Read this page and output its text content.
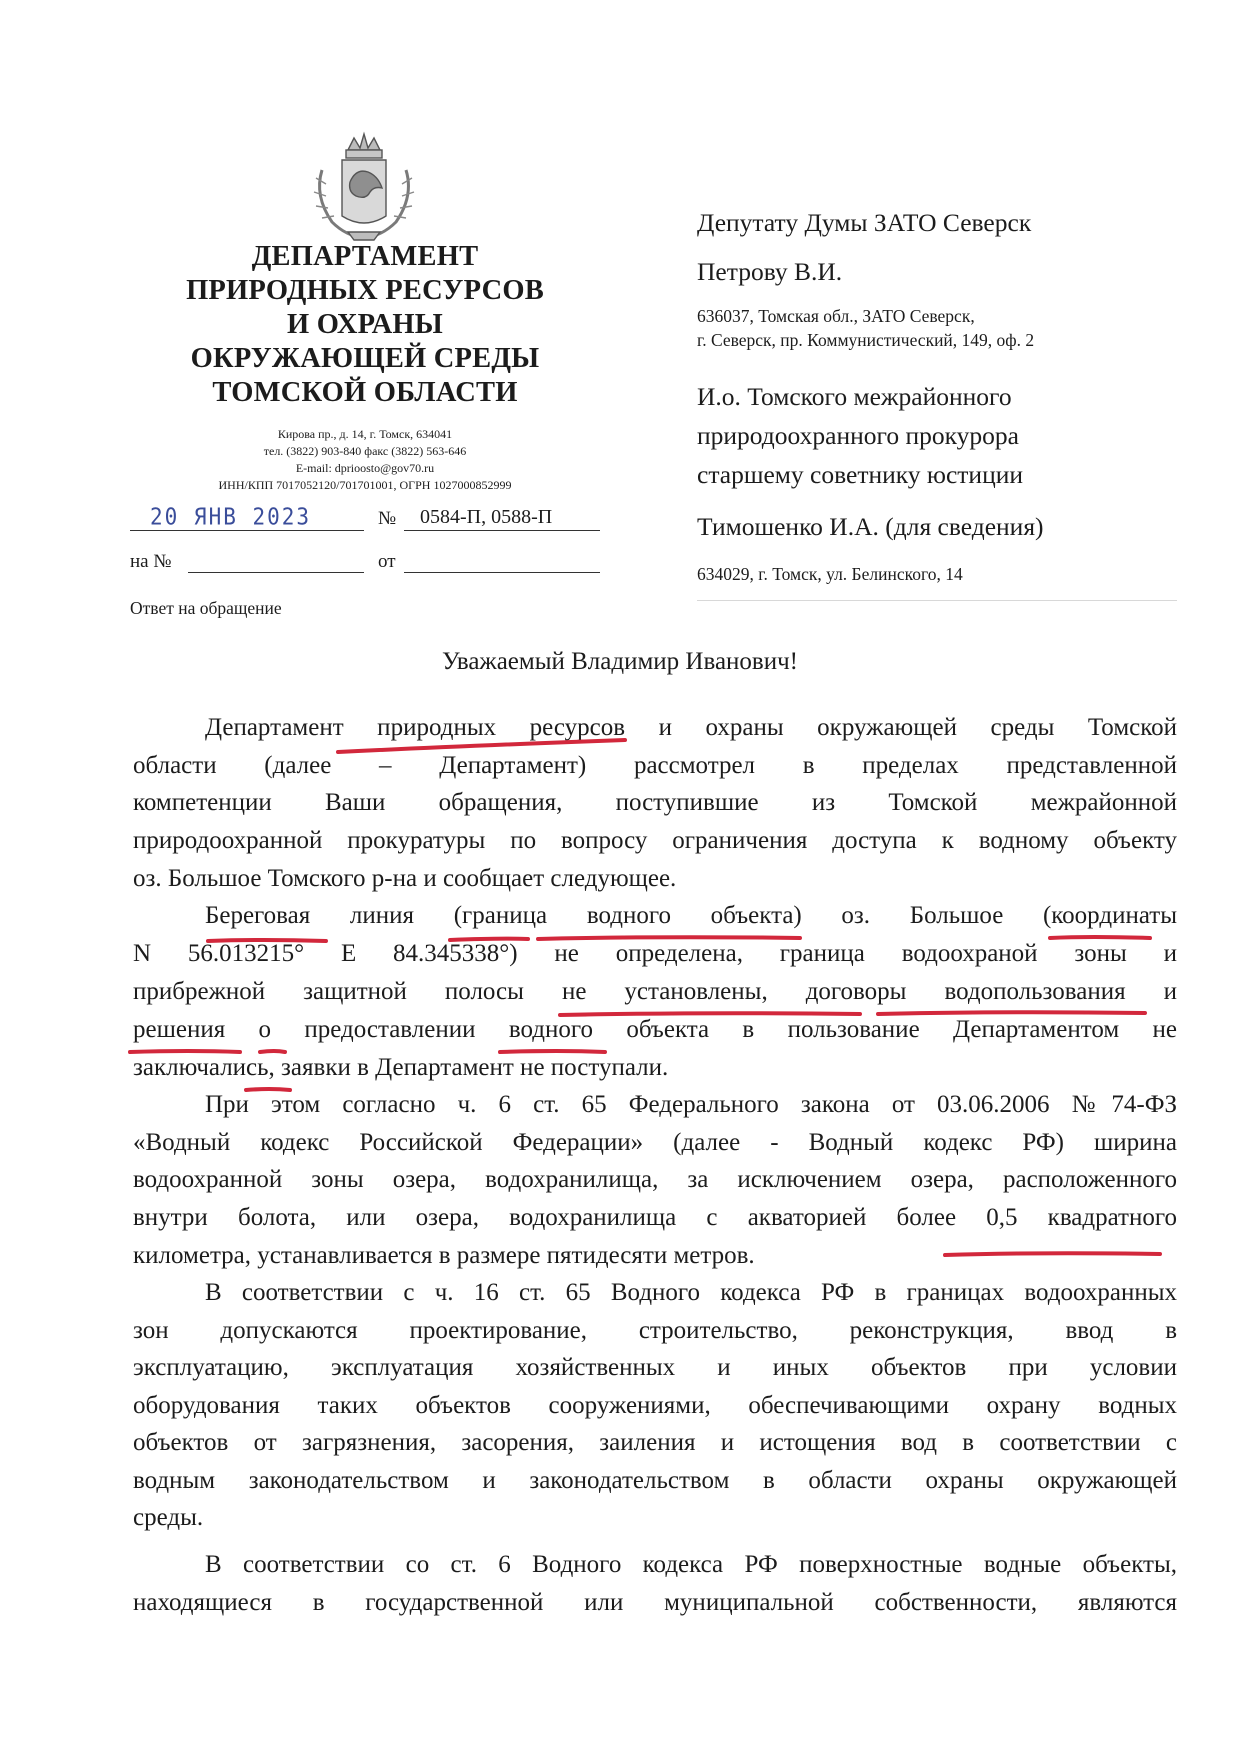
ДЕПАРТАМЕНТ
ПРИРОДНЫХ РЕСУРСОВ
И ОХРАНЫ
ОКРУЖАЮЩЕЙ СРЕДЫ
ТОМСКОЙ ОБЛАСТИ
Кирова пр., д. 14, г. Томск, 634041
тел. (3822) 903-840 факс (3822) 563-646
E-mail: dprioosto@gov70.ru
ИНН/КПП 7017052120/701701001, ОГРН 1027000852999
20 ЯНВ 2023	№ 0584-П, 0588-П
на №	от
Ответ на обращение
Депутату Думы ЗАТО Северск
Петрову В.И.
636037, Томская обл., ЗАТО Северск,
г. Северск, пр. Коммунистический, 149, оф. 2
И.о. Томского межрайонного
природоохранного прокурора
старшему советнику юстиции
Тимошенко И.А. (для сведения)
634029, г. Томск, ул. Белинского, 14
Уважаемый Владимир Иванович!
Департамент природных ресурсов и охраны окружающей среды Томской
области (далее – Департамент) рассмотрел в пределах представленной
компетенции Ваши обращения, поступившие из Томской межрайонной
природоохранной прокуратуры по вопросу ограничения доступа к водному объекту
оз. Большое Томского р-на и сообщает следующее.
Береговая линия (граница водного объекта) оз. Большое (координаты
N 56.013215° E 84.345338°) не определена, граница водоохраной зоны и
прибрежной защитной полосы не установлены, договоры водопользования и
решения о предоставлении водного объекта в пользование Департаментом не
заключались, заявки в Департамент не поступали.
При этом согласно ч. 6 ст. 65 Федерального закона от 03.06.2006 №74-ФЗ
«Водный кодекс Российской Федерации» (далее - Водный кодекс РФ) ширина
водоохранной зоны озера, водохранилища, за исключением озера, расположенного
внутри болота, или озера, водохранилища с акваторией более 0,5 квадратного
километра, устанавливается в размере пятидесяти метров.
В соответствии с ч. 16 ст. 65 Водного кодекса РФ в границах водоохранных
зон допускаются проектирование, строительство, реконструкция, ввод в
эксплуатацию, эксплуатация хозяйственных и иных объектов при условии
оборудования таких объектов сооружениями, обеспечивающими охрану водных
объектов от загрязнения, засорения, заиления и истощения вод в соответствии с
водным законодательством и законодательством в области охраны окружающей
среды.
В соответствии со ст. 6 Водного кодекса РФ поверхностные водные объекты,
находящиеся в государственной или муниципальной собственности, являются
